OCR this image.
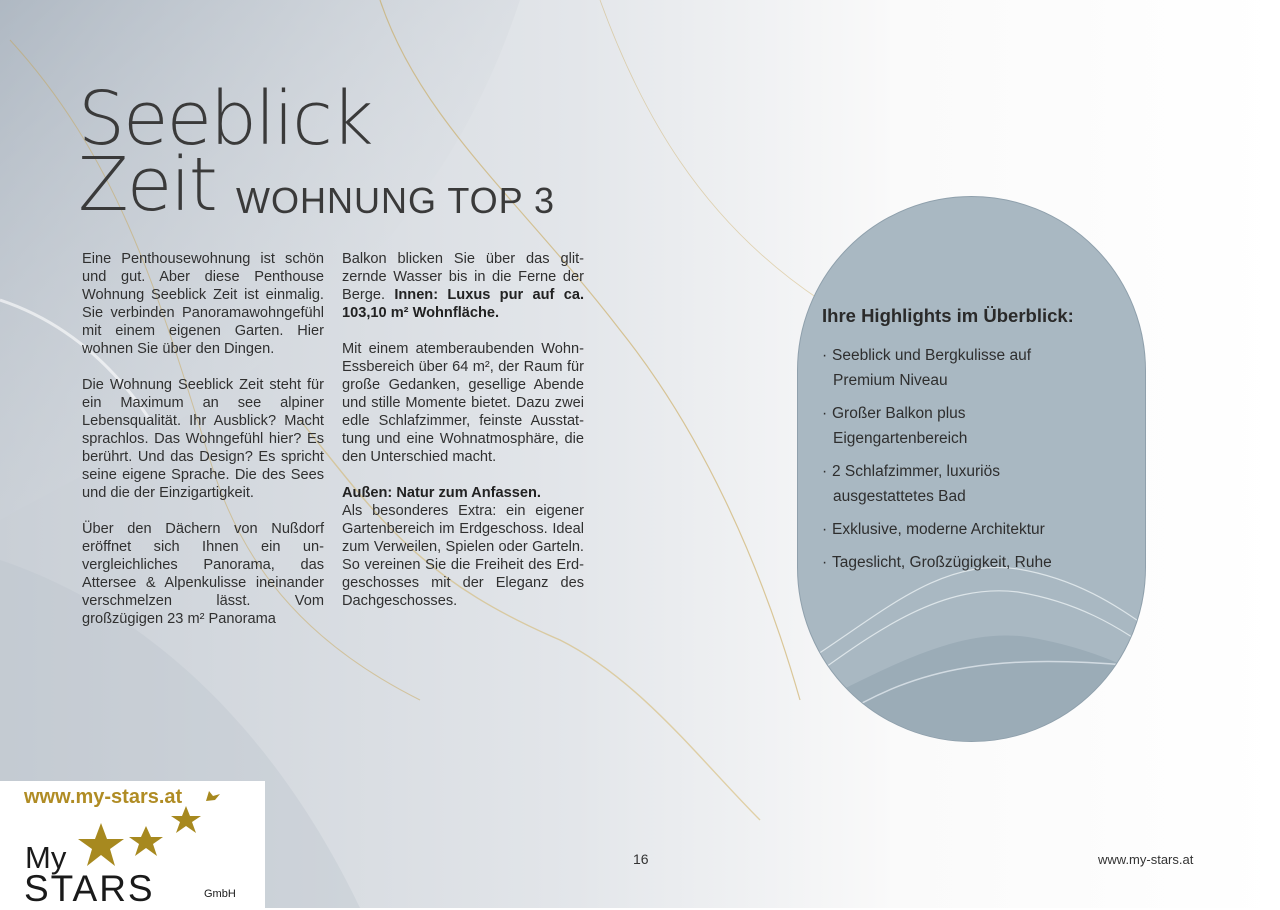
Seeblick
Zeit WOHNUNG TOP 3

Eine Penthousewohnung ist schön und gut. Aber diese Penthouse Wohnung Seeblick Zeit ist einmalig. Sie verbinden Panoramawohngefühl mit einem eigenen Garten. Hier wohnen Sie über den Dingen.

Die Wohnung Seeblick Zeit steht für ein Maximum an see alpiner Lebensqualität. Ihr Ausblick? Macht sprachlos. Das Wohngefühl hier? Es berührt. Und das Design? Es spricht seine eigene Sprache. Die des Sees und die der Einzigartigkeit.

Über den Dächern von Nußdorf eröffnet sich Ihnen ein unvergleichliches Panorama, das Attersee & Alpenkulisse ineinander verschmelzen lässt. Vom großzügigen 23 m² Panorama

Balkon blicken Sie über das glitzernde Wasser bis in die Ferne der Berge. Innen: Luxus pur auf ca. 103,10 m² Wohnfläche.

Mit einem atemberaubenden Wohn-Essbereich über 64 m², der Raum für große Gedanken, gesellige Abende und stille Momente bietet. Dazu zwei edle Schlafzimmer, feinste Ausstattung und eine Wohnatmosphäre, die den Unterschied macht.

Außen: Natur zum Anfassen.
Als besonderes Extra: ein eigener Gartenbereich im Erdgeschoss. Ideal zum Verweilen, Spielen oder Garteln. So vereinen Sie die Freiheit des Erdgeschosses mit der Eleganz des Dachgeschosses.

Ihre Highlights im Überblick:
· Seeblick und Bergkulisse auf
Premium Niveau
· Großer Balkon plus
Eigengartenbereich
· 2 Schlafzimmer, luxuriös
ausgestattetes Bad
· Exklusive, moderne Architektur
· Tageslicht, Großzügigkeit, Ruhe
www.my-stars.at
My
STARS	GmbH
16	www.my-stars.at
